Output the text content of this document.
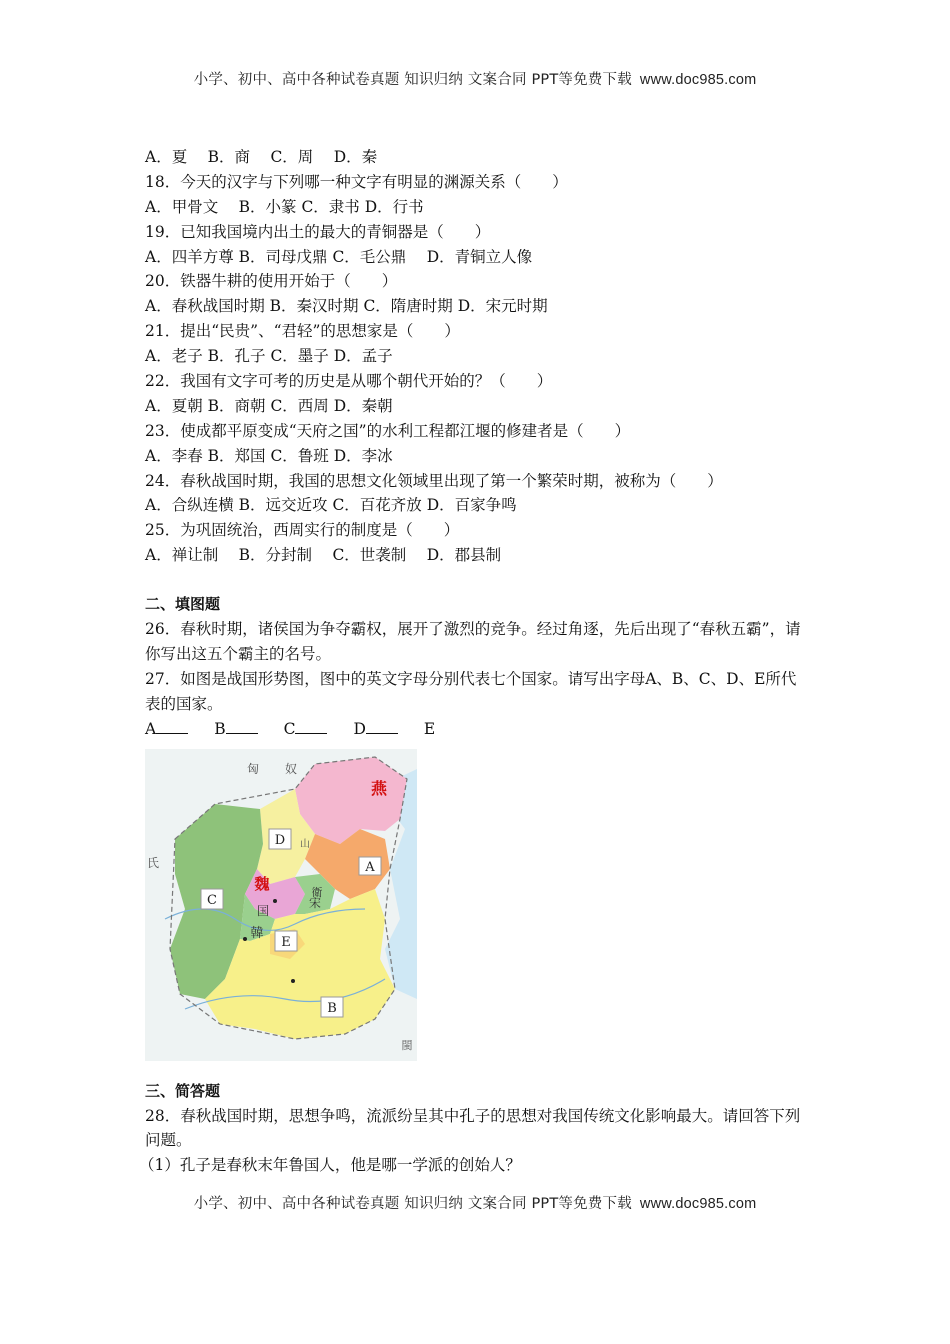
小学、初中、高中各种试卷真题 知识归纳 文案合同 PPT等免费下载 www.doc985.com
A．夏　 B．商　 C．周　 D．秦
18．今天的汉字与下列哪一种文字有明显的渊源关系（　　）
A．甲骨文　 B．小篆 C．隶书 D．行书
19．已知我国境内出土的最大的青铜器是（　　）
A．四羊方尊 B．司母戊鼎 C．毛公鼎　 D．青铜立人像
20．铁器牛耕的使用开始于（　　）
A．春秋战国时期 B．秦汉时期 C．隋唐时期 D．宋元时期
21．提出“民贵”、“君轻”的思想家是（　　）
A．老子 B．孔子 C．墨子 D．孟子
22．我国有文字可考的历史是从哪个朝代开始的？（　　）
A．夏朝 B．商朝 C．西周 D．秦朝
23．使成都平原变成“天府之国”的水利工程都江堰的修建者是（　　）
A．李春 B．郑国 C．鲁班 D．李冰
24．春秋战国时期，我国的思想文化领域里出现了第一个繁荣时期，被称为（　　）
A．合纵连横 B．远交近攻 C．百花齐放 D．百家争鸣
25．为巩固统治，西周实行的制度是（　　）
A．禅让制　 B．分封制　 C．世袭制　 D．郡县制
二、填图题
26．春秋时期，诸侯国为争夺霸权，展开了激烈的竞争。经过角逐，先后出现了“春秋五霸”，请你写出这五个霸主的名号。
27．如图是战国形势图，图中的英文字母分别代表七个国家。请写出字母A、B、C、D、E所代表的国家。
A	B	C	D	E
A
B
C
D
E
燕
魏
韓
宋
衛
国
匈 奴
氏
山
閩
三、简答题
28．春秋战国时期，思想争鸣，流派纷呈其中孔子的思想对我国传统文化影响最大。请回答下列问题。
（1）孔子是春秋末年鲁国人，他是哪一学派的创始人？
小学、初中、高中各种试卷真题 知识归纳 文案合同 PPT等免费下载 www.doc985.com
